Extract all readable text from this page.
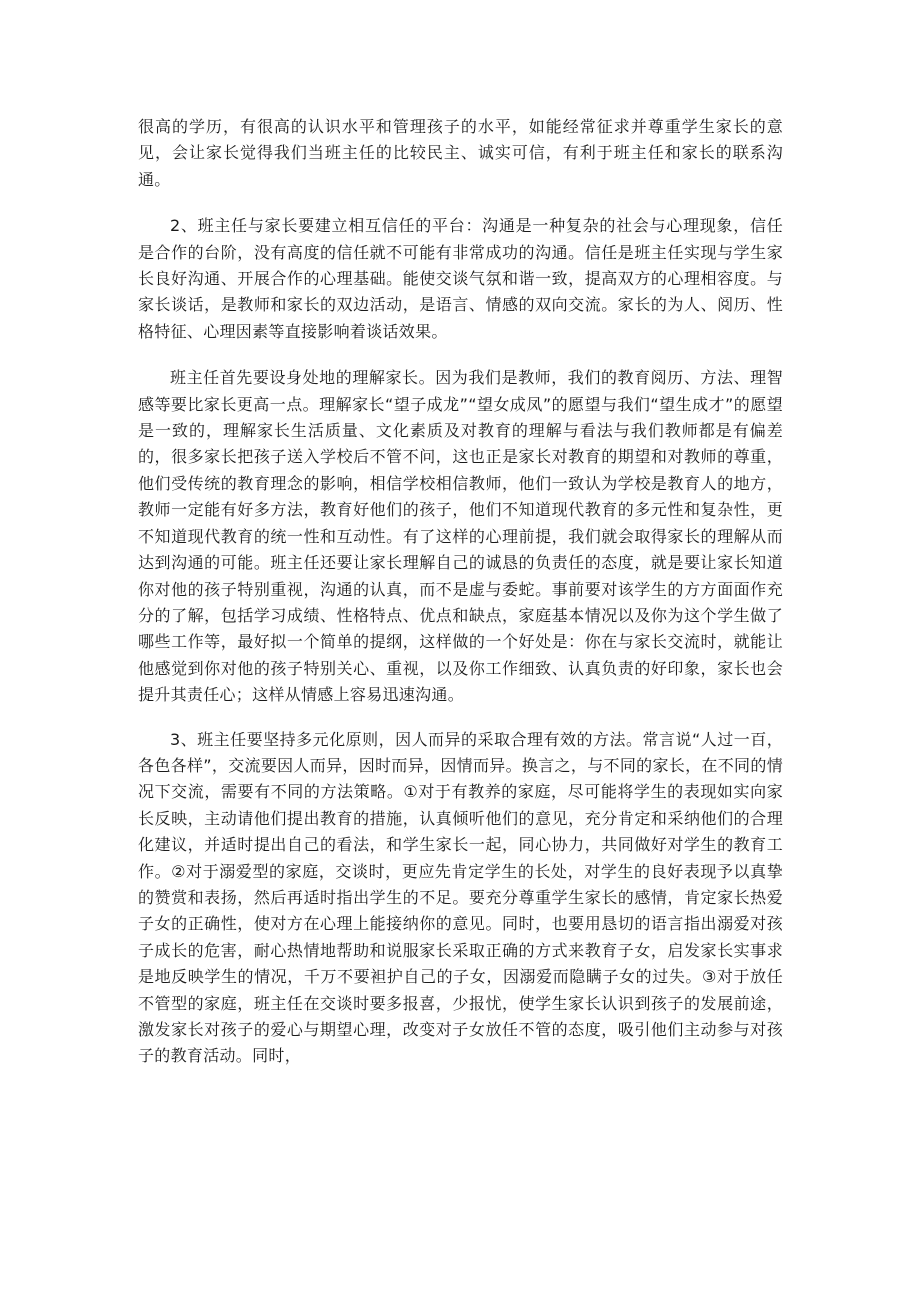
很高的学历，有很高的认识水平和管理孩子的水平，如能经常征求并尊重学生家长的意见，会让家长觉得我们当班主任的比较民主、诚实可信，有利于班主任和家长的联系沟通。

2、班主任与家长要建立相互信任的平台：沟通是一种复杂的社会与心理现象，信任是合作的台阶，没有高度的信任就不可能有非常成功的沟通。信任是班主任实现与学生家长良好沟通、开展合作的心理基础。能使交谈气氛和谐一致，提高双方的心理相容度。与家长谈话，是教师和家长的双边活动，是语言、情感的双向交流。家长的为人、阅历、性格特征、心理因素等直接影响着谈话效果。

班主任首先要设身处地的理解家长。因为我们是教师，我们的教育阅历、方法、理智感等要比家长更高一点。理解家长“望子成龙”“望女成凤”的愿望与我们“望生成才”的愿望是一致的，理解家长生活质量、文化素质及对教育的理解与看法与我们教师都是有偏差的，很多家长把孩子送入学校后不管不问，这也正是家长对教育的期望和对教师的尊重，他们受传统的教育理念的影响，相信学校相信教师，他们一致认为学校是教育人的地方，教师一定能有好多方法，教育好他们的孩子，他们不知道现代教育的多元性和复杂性，更不知道现代教育的统一性和互动性。有了这样的心理前提，我们就会取得家长的理解从而达到沟通的可能。班主任还要让家长理解自己的诚恳的负责任的态度，就是要让家长知道你对他的孩子特别重视，沟通的认真，而不是虚与委蛇。事前要对该学生的方方面面作充分的了解，包括学习成绩、性格特点、优点和缺点，家庭基本情况以及你为这个学生做了哪些工作等，最好拟一个简单的提纲，这样做的一个好处是：你在与家长交流时，就能让他感觉到你对他的孩子特别关心、重视，以及你工作细致、认真负责的好印象，家长也会提升其责任心；这样从情感上容易迅速沟通。

3、班主任要坚持多元化原则，因人而异的采取合理有效的方法。常言说“人过一百，各色各样”，交流要因人而异，因时而异，因情而异。换言之，与不同的家长，在不同的情况下交流，需要有不同的方法策略。①对于有教养的家庭，尽可能将学生的表现如实向家长反映，主动请他们提出教育的措施，认真倾听他们的意见，充分肯定和采纳他们的合理化建议，并适时提出自己的看法，和学生家长一起，同心协力，共同做好对学生的教育工作。②对于溺爱型的家庭，交谈时，更应先肯定学生的长处，对学生的良好表现予以真挚的赞赏和表扬，然后再适时指出学生的不足。要充分尊重学生家长的感情，肯定家长热爱子女的正确性，使对方在心理上能接纳你的意见。同时，也要用恳切的语言指出溺爱对孩子成长的危害，耐心热情地帮助和说服家长采取正确的方式来教育子女，启发家长实事求是地反映学生的情况，千万不要袒护自己的子女，因溺爱而隐瞒子女的过失。③对于放任不管型的家庭，班主任在交谈时要多报喜，少报忧，使学生家长认识到孩子的发展前途，激发家长对孩子的爱心与期望心理，改变对子女放任不管的态度，吸引他们主动参与对孩子的教育活动。同时，
